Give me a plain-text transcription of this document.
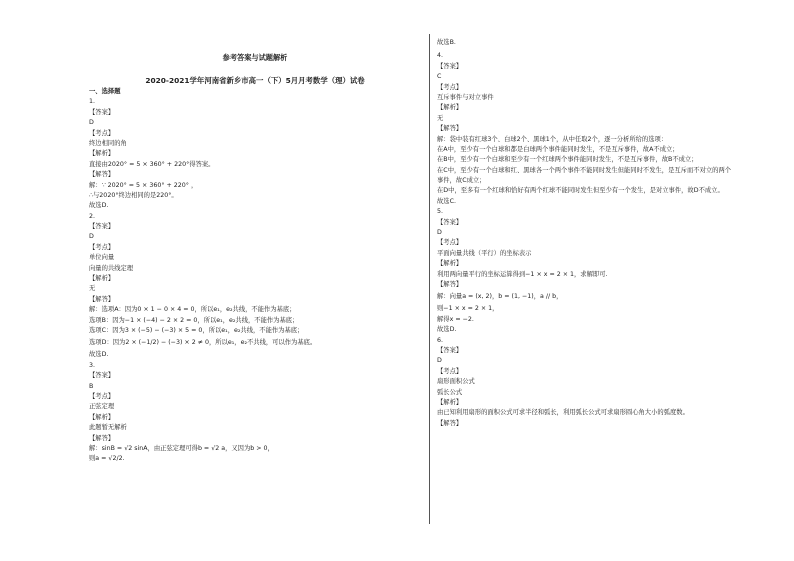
参考答案与试题解析
2020-2021学年河南省新乡市高一（下）5月月考数学（理）试卷
一、选择题
1.
【答案】
D
【考点】
终边相同的角
【解析】
直接由2020° = 5 × 360° + 220°得答案。
【解答】
解：∵ 2020° = 5 × 360° + 220° ，
∴与2020°终边相同的是220°。
故选D.
2.
【答案】
D
【考点】
单位向量
向量的共线定理
【解析】
无
【解答】
解：选项A：因为0 × 1 − 0 × 4 = 0，所以e₁，e₂共线，不能作为基底；
选项B：因为−1 × (−4) − 2 × 2 = 0，所以e₁，e₂共线，不能作为基底；
选项C：因为3 × (−5) − (−3) × 5 = 0，所以e₁，e₂共线，不能作为基底；
选项D：因为2 × (−1/2) − (−3) × 2 ≠ 0，所以e₁，e₂不共线，可以作为基底。
故选D.
3.
【答案】
B
【考点】
正弦定理
【解析】
此题暂无解析
【解答】
解：sinB = √2 sinA，由正弦定理可得b = √2 a，又因为b > 0，
则a = √2/2.
故选B.
4.
【答案】
C
【考点】
互斥事件与对立事件
【解析】
无
【解答】
解：袋中装有红球3个、白球2个、黑球1个，从中任取2个，逐一分析所给的选项：
在A中，至少有一个白球和都是白球两个事件能同时发生，不是互斥事件，故A不成立；
在B中，至少有一个白球和至少有一个红球两个事件能同时发生，不是互斥事件，故B不成立；
在C中，至少有一个白球和红、黑球各一个两个事件不能同时发生但能同时不发生，是互斥而不对立的两个
事件，故C成立；
在D中，至多有一个红球和恰好有两个红球不能同时发生但至少有一个发生，是对立事件，故D不成立。
故选C.
5.
【答案】
D
【考点】
平面向量共线（平行）的坐标表示
【解析】
利用两向量平行的坐标运算得到−1 × x = 2 × 1，求解即可.
【解答】
解：向量a = (x, 2)，b = (1, −1)，a // b，
则−1 × x = 2 × 1，
解得x = −2.
故选D.
6.
【答案】
D
【考点】
扇形面积公式
弧长公式
【解析】
由已知利用扇形的面积公式可求半径和弧长，利用弧长公式可求扇形圆心角大小的弧度数。
【解答】
